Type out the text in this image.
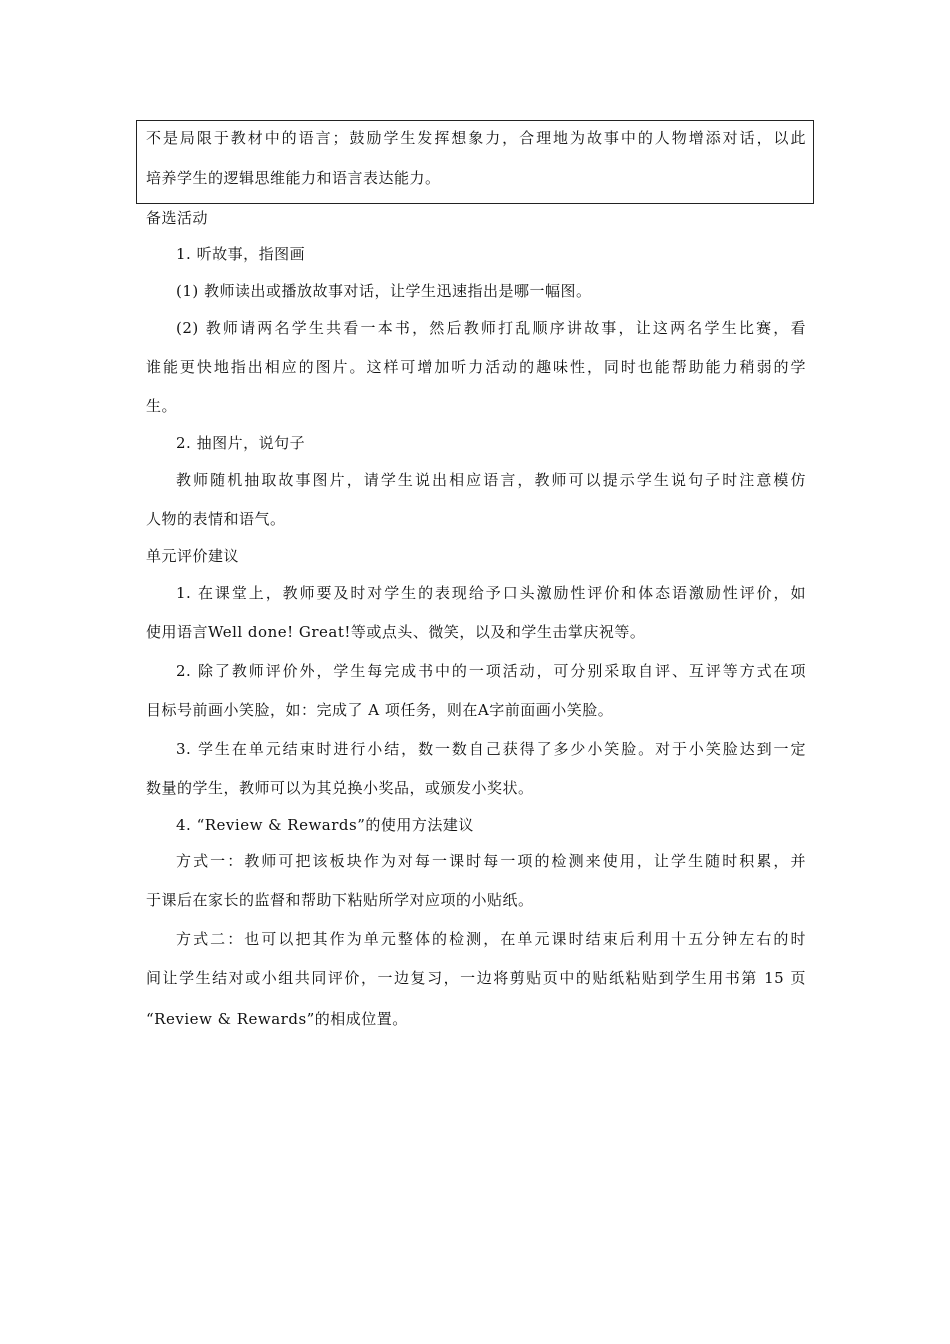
不是局限于教材中的语言；鼓励学生发挥想象力，合理地为故事中的人物增添对话，以此
培养学生的逻辑思维能力和语言表达能力。
备选活动
1. 听故事，指图画
(1) 教师读出或播放故事对话，让学生迅速指出是哪一幅图。
(2) 教师请两名学生共看一本书，然后教师打乱顺序讲故事，让这两名学生比赛，看
谁能更快地指出相应的图片。这样可增加听力活动的趣味性，同时也能帮助能力稍弱的学
生。
2. 抽图片，说句子
教师随机抽取故事图片，请学生说出相应语言，教师可以提示学生说句子时注意模仿
人物的表情和语气。
单元评价建议
1. 在课堂上，教师要及时对学生的表现给予口头激励性评价和体态语激励性评价，如
使用语言Well done! Great!等或点头、微笑，以及和学生击掌庆祝等。
2. 除了教师评价外，学生每完成书中的一项活动，可分别采取自评、互评等方式在项
目标号前画小笑脸，如：完成了 A 项任务，则在A字前面画小笑脸。
3. 学生在单元结束时进行小结，数一数自己获得了多少小笑脸。对于小笑脸达到一定
数量的学生，教师可以为其兑换小奖品，或颁发小奖状。
4. “Review & Rewards”的使用方法建议
方式一：教师可把该板块作为对每一课时每一项的检测来使用，让学生随时积累，并
于课后在家长的监督和帮助下粘贴所学对应项的小贴纸。
方式二：也可以把其作为单元整体的检测，在单元课时结束后利用十五分钟左右的时
间让学生结对或小组共同评价，一边复习，一边将剪贴页中的贴纸粘贴到学生用书第 15 页
“Review & Rewards”的相成位置。
